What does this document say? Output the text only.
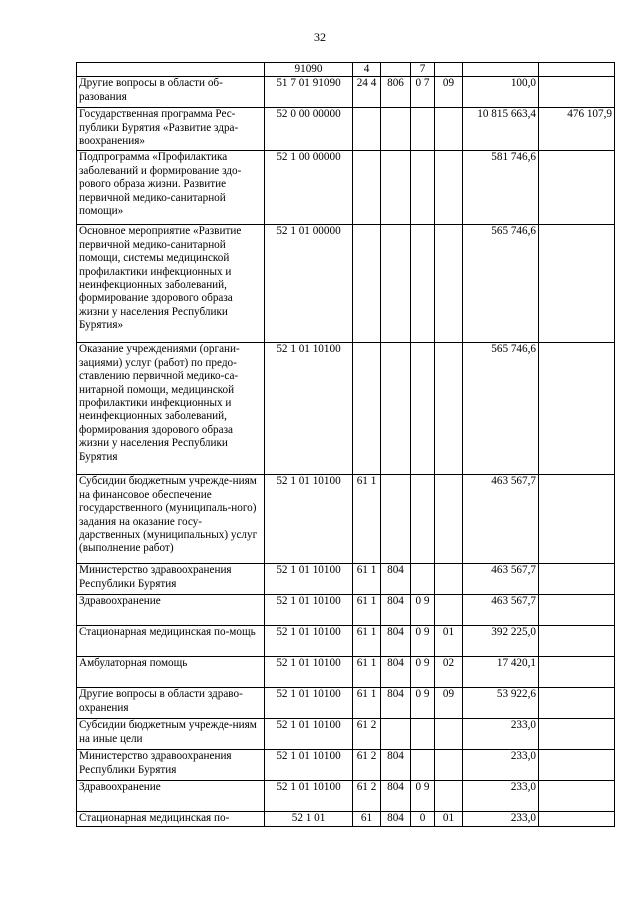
32
	91090	4		7			
Другие вопросы в области об-разования	51 7 01 91090	24 4	806	0 7	09	100,0	
Государственная программа Рес-публики Бурятия «Развитие здра-воохранения»	52 0 00 00000					10 815 663,4	476 107,9
Подпрограмма «Профилактика заболеваний и формирование здо-рового образа жизни. Развитие первичной медико-санитарной помощи»	52 1 00 00000					581 746,6	
Основное мероприятие «Развитие первичной медико-санитарной помощи, системы медицинской профилактики инфекционных и неинфекционных заболеваний, формирование здорового образа жизни у населения Республики Бурятия»	52 1 01 00000					565 746,6	
Оказание учреждениями (органи-зациями) услуг (работ) по предо-ставлению первичной медико-са-нитарной помощи, медицинской профилактики инфекционных и неинфекционных заболеваний, формирования здорового образа жизни у населения Республики Бурятия	52 1 01 10100					565 746,6	
Субсидии бюджетным учрежде-ниям на финансовое обеспечение государственного (муниципаль-ного) задания на оказание госу-дарственных (муниципальных) услуг (выполнение работ)	52 1 01 10100	61 1				463 567,7	
Министерство здравоохранения Республики Бурятия	52 1 01 10100	61 1	804			463 567,7	
Здравоохранение	52 1 01 10100	61 1	804	0 9		463 567,7	
Стационарная медицинская по-мощь	52 1 01 10100	61 1	804	0 9	01	392 225,0	
Амбулаторная помощь	52 1 01 10100	61 1	804	0 9	02	17 420,1	
Другие вопросы в области здраво-охранения	52 1 01 10100	61 1	804	0 9	09	53 922,6	
Субсидии бюджетным учрежде-ниям на иные цели	52 1 01 10100	61 2				233,0	
Министерство здравоохранения Республики Бурятия	52 1 01 10100	61 2	804			233,0	
Здравоохранение	52 1 01 10100	61 2	804	0 9		233,0	
Стационарная медицинская по-	52 1 01	61	804	0	01	233,0	
